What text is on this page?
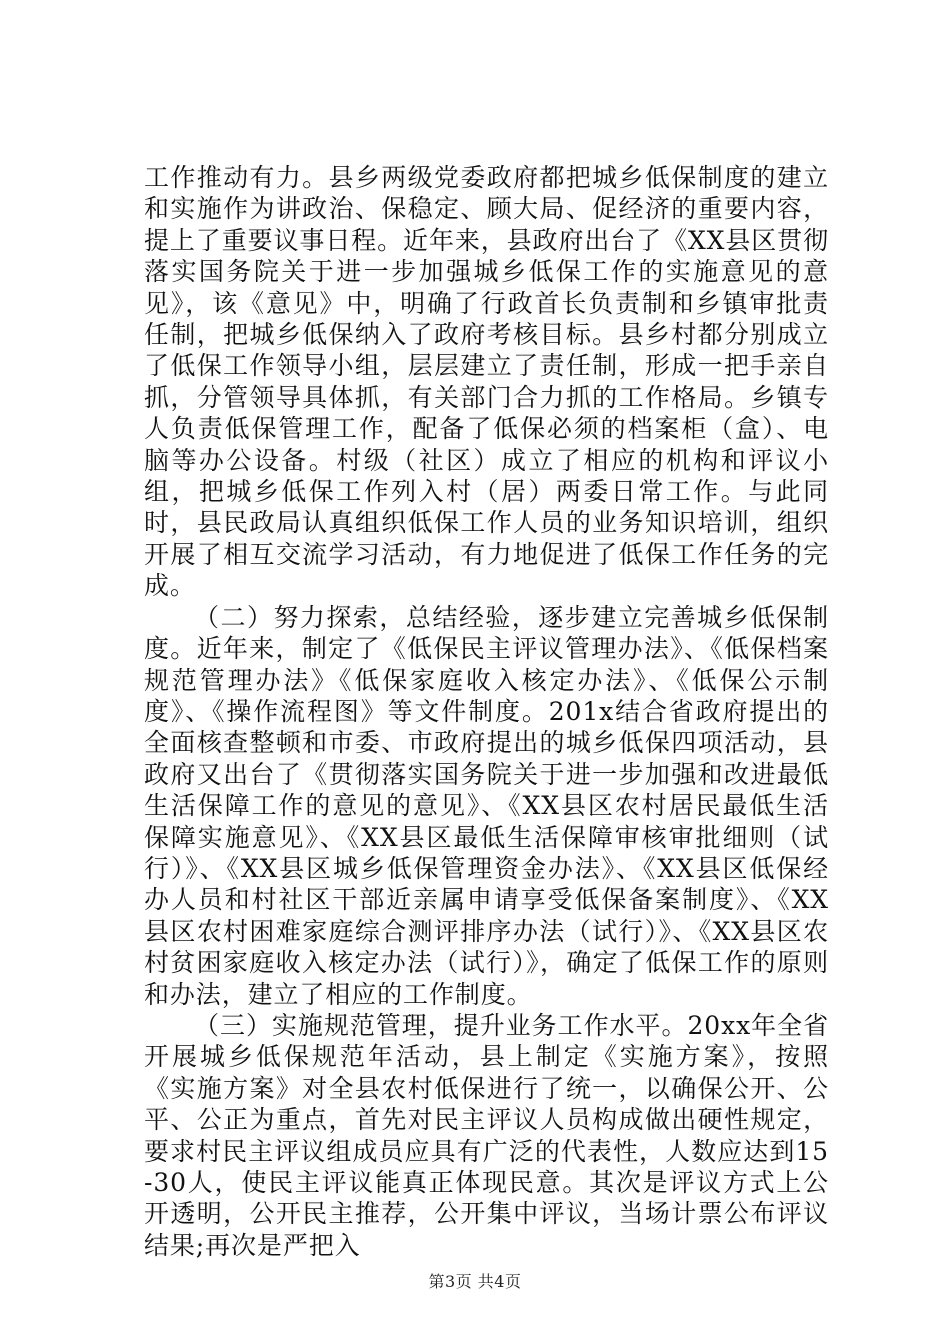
工作推动有力。县乡两级党委政府都把城乡低保制度的建立和实施作为讲政治、保稳定、顾大局、促经济的重要内容，提上了重要议事日程。近年来，县政府出台了《XX县区贯彻落实国务院关于进一步加强城乡低保工作的实施意见的意见》，该《意见》中，明确了行政首长负责制和乡镇审批责任制，把城乡低保纳入了政府考核目标。县乡村都分别成立了低保工作领导小组，层层建立了责任制，形成一把手亲自抓，分管领导具体抓，有关部门合力抓的工作格局。乡镇专人负责低保管理工作，配备了低保必须的档案柜（盒）、电脑等办公设备。村级（社区）成立了相应的机构和评议小组，把城乡低保工作列入村（居）两委日常工作。与此同时，县民政局认真组织低保工作人员的业务知识培训，组织开展了相互交流学习活动，有力地促进了低保工作任务的完成。

（二）努力探索，总结经验，逐步建立完善城乡低保制度。近年来，制定了《低保民主评议管理办法》、《低保档案规范管理办法》《低保家庭收入核定办法》、《低保公示制度》、《操作流程图》等文件制度。201x结合省政府提出的全面核查整顿和市委、市政府提出的城乡低保四项活动，县政府又出台了《贯彻落实国务院关于进一步加强和改进最低生活保障工作的意见的意见》、《XX县区农村居民最低生活保障实施意见》、《XX县区最低生活保障审核审批细则（试行）》、《XX县区城乡低保管理资金办法》、《XX县区低保经办人员和村社区干部近亲属申请享受低保备案制度》、《XX县区农村困难家庭综合测评排序办法（试行）》、《XX县区农村贫困家庭收入核定办法（试行）》，确定了低保工作的原则和办法，建立了相应的工作制度。

（三）实施规范管理，提升业务工作水平。20xx年全省开展城乡低保规范年活动，县上制定《实施方案》，按照《实施方案》对全县农村低保进行了统一，以确保公开、公平、公正为重点，首先对民主评议人员构成做出硬性规定，要求村民主评议组成员应具有广泛的代表性，人数应达到15-30人，使民主评议能真正体现民意。其次是评议方式上公开透明，公开民主推荐，公开集中评议，当场计票公布评议结果;再次是严把入

第3页 共4页
